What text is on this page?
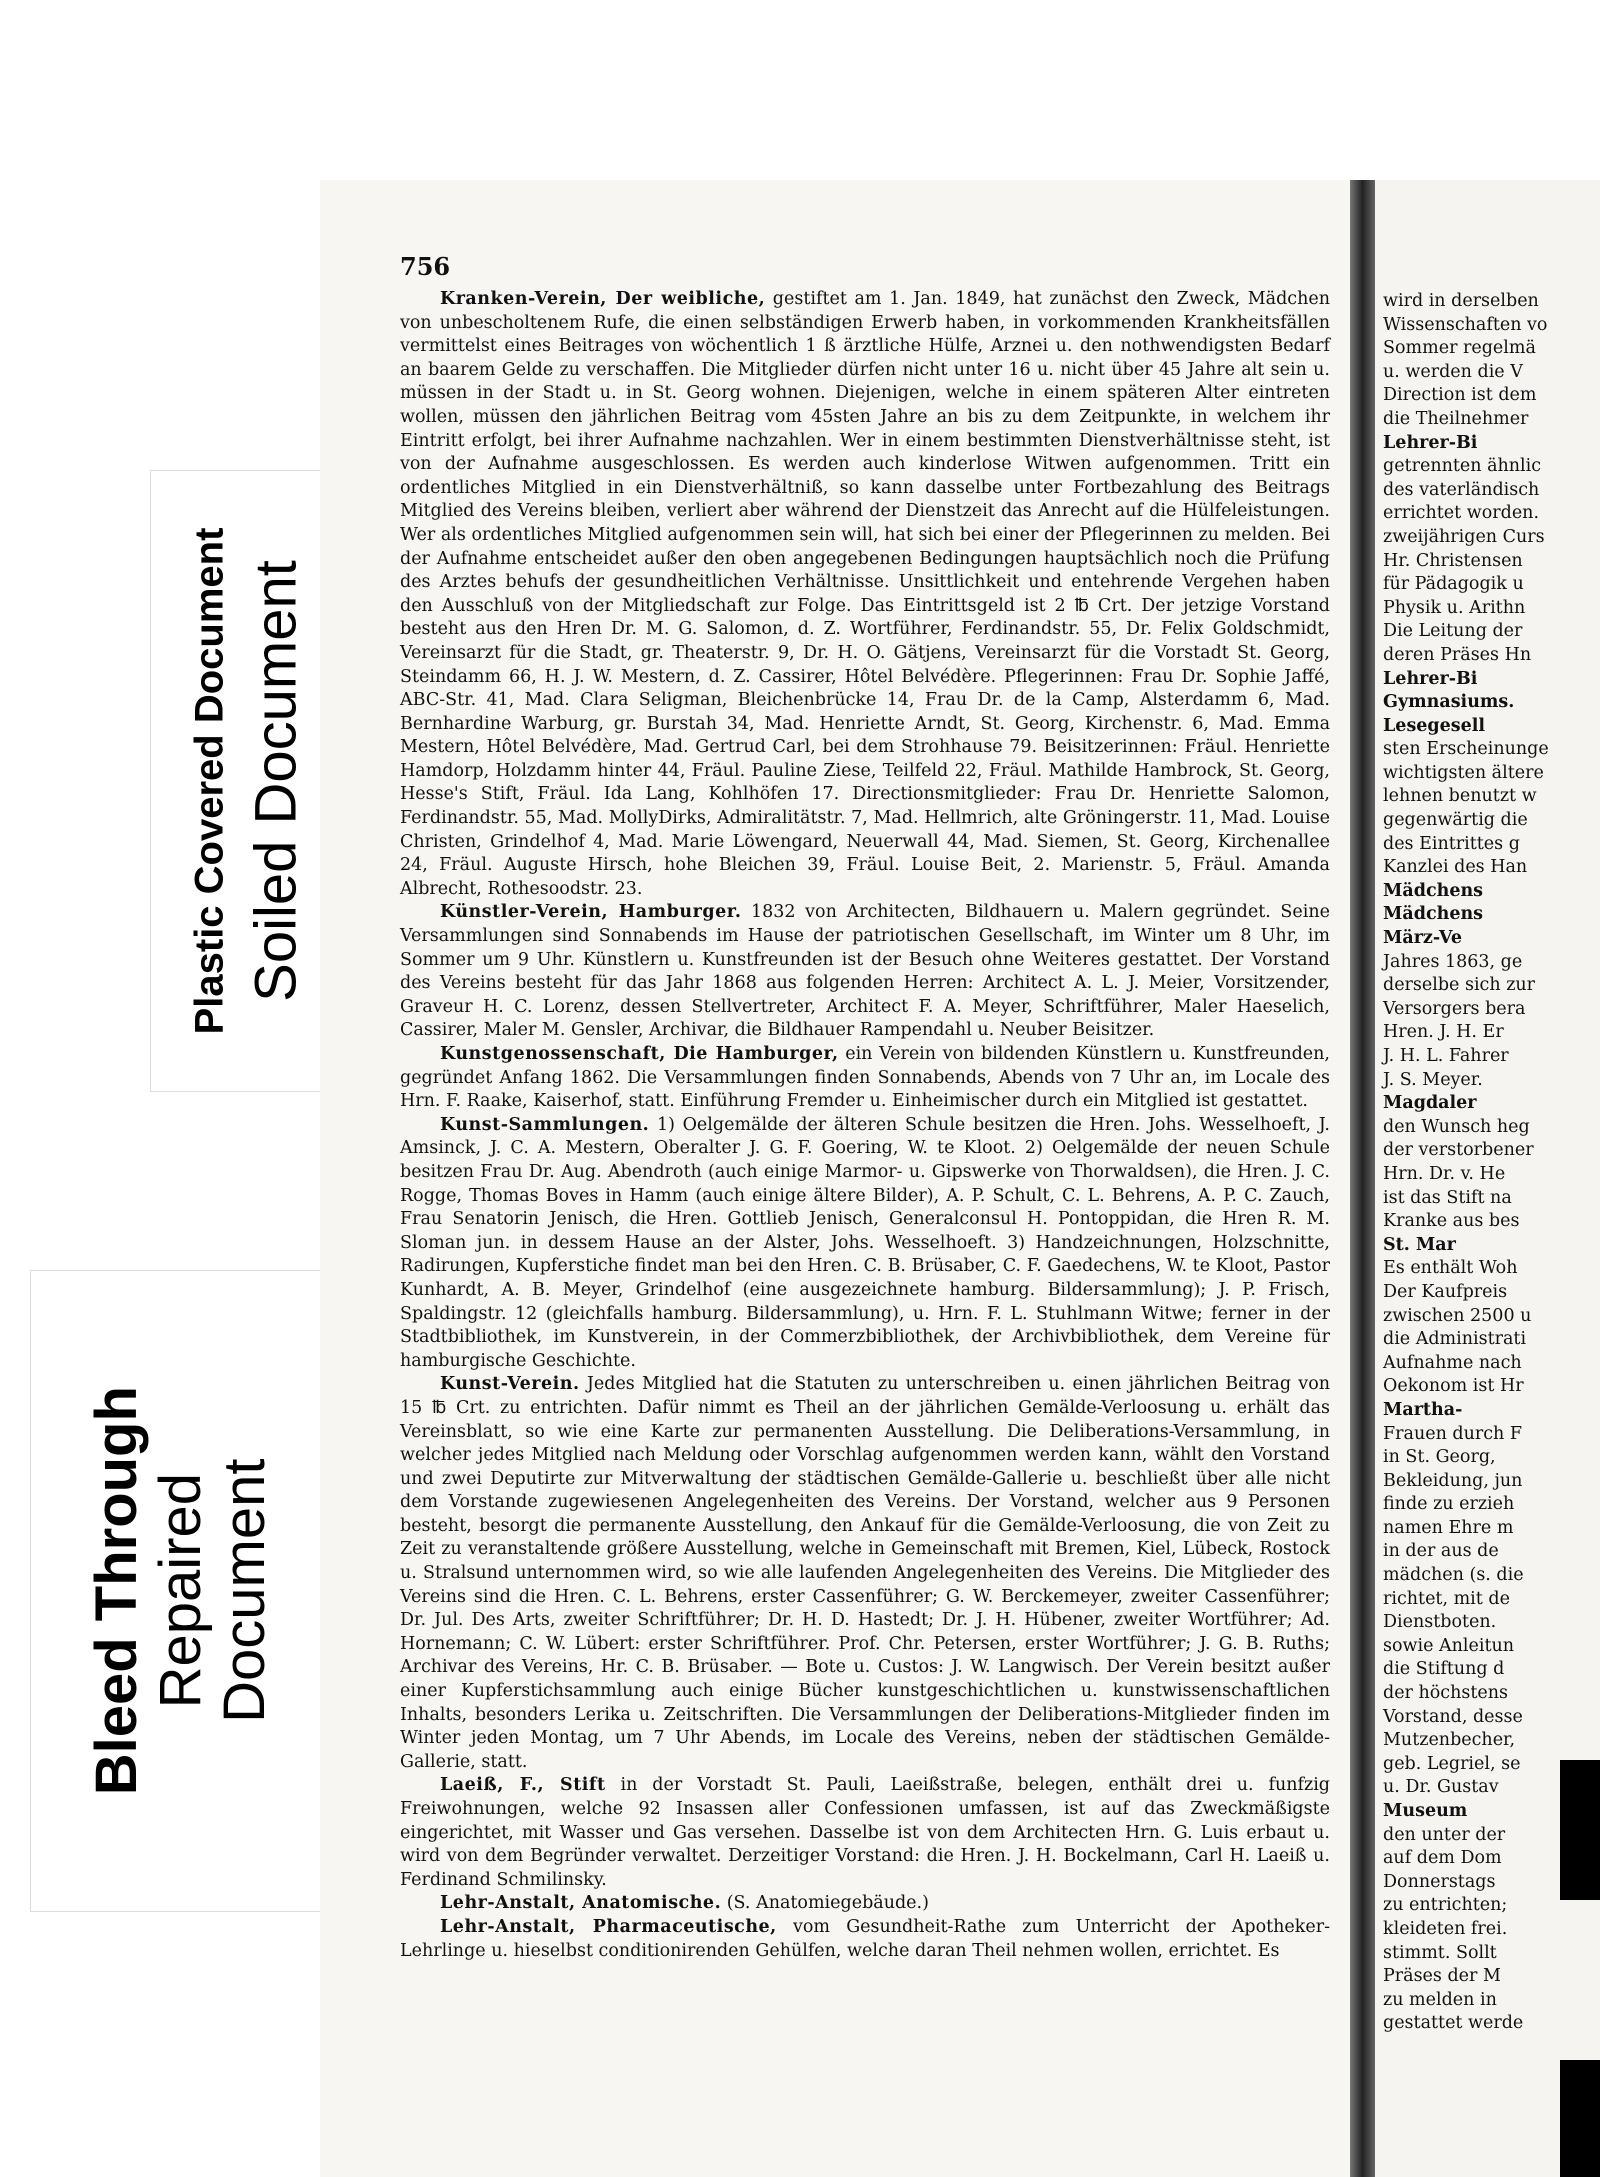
Plastic Covered Document Soiled Document
Bleed Through
Repaired
Document
756

Kranken-Verein, Der weibliche, gestiftet am 1. Jan. 1849, hat zunächst den Zweck, Mädchen von unbescholtenem Rufe, die einen selbständigen Erwerb haben, in vorkommenden Krankheitsfällen vermittelst eines Beitrages von wöchentlich 1 ß ärztliche Hülfe, Arznei u. den nothwendigsten Bedarf an baarem Gelde zu verschaffen. Die Mitglieder dürfen nicht unter 16 u. nicht über 45 Jahre alt sein u. müssen in der Stadt u. in St. Georg wohnen. Diejenigen, welche in einem späteren Alter eintreten wollen, müssen den jährlichen Beitrag vom 45sten Jahre an bis zu dem Zeitpunkte, in welchem ihr Eintritt erfolgt, bei ihrer Aufnahme nachzahlen. Wer in einem bestimmten Dienstverhältnisse steht, ist von der Aufnahme ausgeschlossen. Es werden auch kinderlose Witwen aufgenommen. Tritt ein ordentliches Mitglied in ein Dienstverhältniß, so kann dasselbe unter Fortbezahlung des Beitrags Mitglied des Vereins bleiben, verliert aber während der Dienstzeit das Anrecht auf die Hülfeleistungen. Wer als ordentliches Mitglied aufgenommen sein will, hat sich bei einer der Pflegerinnen zu melden. Bei der Aufnahme entscheidet außer den oben angegebenen Bedingungen hauptsächlich noch die Prüfung des Arztes behufs der gesundheitlichen Verhältnisse. Unsittlichkeit und entehrende Vergehen haben den Ausschluß von der Mitgliedschaft zur Folge. Das Eintrittsgeld ist 2 ℔ Crt. Der jetzige Vorstand besteht aus den Hren Dr. M. G. Salomon, d. Z. Wortführer, Ferdinandstr. 55, Dr. Felix Goldschmidt, Vereinsarzt für die Stadt, gr. Theaterstr. 9, Dr. H. O. Gätjens, Vereinsarzt für die Vorstadt St. Georg, Steindamm 66, H. J. W. Mestern, d. Z. Cassirer, Hôtel Belvédère. Pflegerinnen: Frau Dr. Sophie Jaffé, ABC-Str. 41, Mad. Clara Seligman, Bleichenbrücke 14, Frau Dr. de la Camp, Alsterdamm 6, Mad. Bernhardine Warburg, gr. Burstah 34, Mad. Henriette Arndt, St. Georg, Kirchenstr. 6, Mad. Emma Mestern, Hôtel Belvédère, Mad. Gertrud Carl, bei dem Strohhause 79. Beisitzerinnen: Fräul. Henriette Hamdorp, Holzdamm hinter 44, Fräul. Pauline Ziese, Teilfeld 22, Fräul. Mathilde Hambrock, St. Georg, Hesse's Stift, Fräul. Ida Lang, Kohlhöfen 17. Directionsmitglieder: Frau Dr. Henriette Salomon, Ferdinandstr. 55, Mad. MollyDirks, Admiralitätstr. 7, Mad. Hellmrich, alte Gröningerstr. 11, Mad. Louise Christen, Grindelhof 4, Mad. Marie Löwengard, Neuerwall 44, Mad. Siemen, St. Georg, Kirchenallee 24, Fräul. Auguste Hirsch, hohe Bleichen 39, Fräul. Louise Beit, 2. Marienstr. 5, Fräul. Amanda Albrecht, Rothesoodstr. 23.

Künstler-Verein, Hamburger. 1832 von Architecten, Bildhauern u. Malern gegründet. Seine Versammlungen sind Sonnabends im Hause der patriotischen Gesellschaft, im Winter um 8 Uhr, im Sommer um 9 Uhr. Künstlern u. Kunstfreunden ist der Besuch ohne Weiteres gestattet. Der Vorstand des Vereins besteht für das Jahr 1868 aus folgenden Herren: Architect A. L. J. Meier, Vorsitzender, Graveur H. C. Lorenz, dessen Stellvertreter, Architect F. A. Meyer, Schriftführer, Maler Haeselich, Cassirer, Maler M. Gensler, Archivar, die Bildhauer Rampendahl u. Neuber Beisitzer.

Kunstgenossenschaft, Die Hamburger, ein Verein von bildenden Künstlern u. Kunstfreunden, gegründet Anfang 1862. Die Versammlungen finden Sonnabends, Abends von 7 Uhr an, im Locale des Hrn. F. Raake, Kaiserhof, statt. Einführung Fremder u. Einheimischer durch ein Mitglied ist gestattet.

Kunst-Sammlungen. 1) Oelgemälde der älteren Schule besitzen die Hren. Johs. Wesselhoeft, J. Amsinck, J. C. A. Mestern, Oberalter J. G. F. Goering, W. te Kloot. 2) Oelgemälde der neuen Schule besitzen Frau Dr. Aug. Abendroth (auch einige Marmor- u. Gipswerke von Thorwaldsen), die Hren. J. C. Rogge, Thomas Boves in Hamm (auch einige ältere Bilder), A. P. Schult, C. L. Behrens, A. P. C. Zauch, Frau Senatorin Jenisch, die Hren. Gottlieb Jenisch, Generalconsul H. Pontoppidan, die Hren R. M. Sloman jun. in dessem Hause an der Alster, Johs. Wesselhoeft. 3) Handzeichnungen, Holzschnitte, Radirungen, Kupferstiche findet man bei den Hren. C. B. Brüsaber, C. F. Gaedechens, W. te Kloot, Pastor Kunhardt, A. B. Meyer, Grindelhof (eine ausgezeichnete hamburg. Bildersammlung); J. P. Frisch, Spaldingstr. 12 (gleichfalls hamburg. Bildersammlung), u. Hrn. F. L. Stuhlmann Witwe; ferner in der Stadtbibliothek, im Kunstverein, in der Commerzbibliothek, der Archivbibliothek, dem Vereine für hamburgische Geschichte.

Kunst-Verein. Jedes Mitglied hat die Statuten zu unterschreiben u. einen jährlichen Beitrag von 15 ℔ Crt. zu entrichten. Dafür nimmt es Theil an der jährlichen Gemälde-Verloosung u. erhält das Vereinsblatt, so wie eine Karte zur permanenten Ausstellung. Die Deliberations-Versammlung, in welcher jedes Mitglied nach Meldung oder Vorschlag aufgenommen werden kann, wählt den Vorstand und zwei Deputirte zur Mitverwaltung der städtischen Gemälde-Gallerie u. beschließt über alle nicht dem Vorstande zugewiesenen Angelegenheiten des Vereins. Der Vorstand, welcher aus 9 Personen besteht, besorgt die permanente Ausstellung, den Ankauf für die Gemälde-Verloosung, die von Zeit zu Zeit zu veranstaltende größere Ausstellung, welche in Gemeinschaft mit Bremen, Kiel, Lübeck, Rostock u. Stralsund unternommen wird, so wie alle laufenden Angelegenheiten des Vereins. Die Mitglieder des Vereins sind die Hren. C. L. Behrens, erster Cassenführer; G. W. Berckemeyer, zweiter Cassenführer; Dr. Jul. Des Arts, zweiter Schriftführer; Dr. H. D. Hastedt; Dr. J. H. Hübener, zweiter Wortführer; Ad. Hornemann; C. W. Lübert: erster Schriftführer. Prof. Chr. Petersen, erster Wortführer; J. G. B. Ruths; Archivar des Vereins, Hr. C. B. Brüsaber. — Bote u. Custos: J. W. Langwisch. Der Verein besitzt außer einer Kupferstichsammlung auch einige Bücher kunstgeschichtlichen u. kunstwissenschaftlichen Inhalts, besonders Lerika u. Zeitschriften. Die Versammlungen der Deliberations-Mitglieder finden im Winter jeden Montag, um 7 Uhr Abends, im Locale des Vereins, neben der städtischen Gemälde-Gallerie, statt.

Laeiß, F., Stift in der Vorstadt St. Pauli, Laeißstraße, belegen, enthält drei u. funfzig Freiwohnungen, welche 92 Insassen aller Confessionen umfassen, ist auf das Zweckmäßigste eingerichtet, mit Wasser und Gas versehen. Dasselbe ist von dem Architecten Hrn. G. Luis erbaut u. wird von dem Begründer verwaltet. Derzeitiger Vorstand: die Hren. J. H. Bockelmann, Carl H. Laeiß u. Ferdinand Schmilinsky.

Lehr-Anstalt, Anatomische. (S. Anatomiegebäude.)

Lehr-Anstalt, Pharmaceutische, vom Gesundheit-Rathe zum Unterricht der Apotheker-Lehrlinge u. hieselbst conditionirenden Gehülfen, welche daran Theil nehmen wollen, errichtet. Es

wird in derselben
Wissenschaften vo
Sommer regelmä
u. werden die V
Direction ist dem
die Theilnehmer
Lehrer-Bi
getrennten ähnlic
des vaterländisch
errichtet worden.
zweijährigen Curs
Hr. Christensen
für Pädagogik u
Physik u. Arithn
Die Leitung der
deren Präses Hn
Lehrer-Bi
Gymnasiums.
Lesegesell
sten Erscheinunge
wichtigsten ältere
lehnen benutzt w
gegenwärtig die
des Eintrittes g
Kanzlei des Han
Mädchens
Mädchens
März-Ve
Jahres 1863, ge
derselbe sich zur
Versorgers bera
Hren. J. H. Er
J. H. L. Fahrer
J. S. Meyer.
Magdaler
den Wunsch heg
der verstorbener
Hrn. Dr. v. He
ist das Stift na
Kranke aus bes
St. Mar
Es enthält Woh
Der Kaufpreis
zwischen 2500 u
die Administrati
Aufnahme nach
Oekonom ist Hr
Martha-
Frauen durch F
in St. Georg,
Bekleidung, jun
finde zu erzieh
namen Ehre m
in der aus de
mädchen (s. die
richtet, mit de
Dienstboten.
sowie Anleitun
die Stiftung d
der höchstens
Vorstand, desse
Mutzenbecher,
geb. Legriel, se
u. Dr. Gustav
Museum
den unter der
auf dem Dom
Donnerstags
zu entrichten;
kleideten frei.
stimmt. Sollt
Präses der M
zu melden in
gestattet werde
